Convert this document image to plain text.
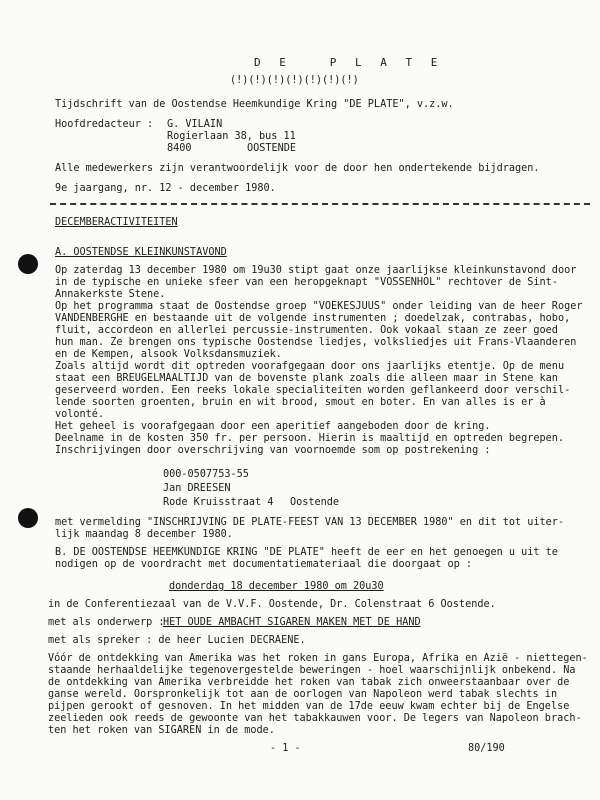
D E   P L A T E
(!)(!)(!)(!)(!)(!)(!)
Tijdschrift van de Oostendse Heemkundige Kring "DE PLATE", v.z.w.
Hoofdredacteur : G. VILAIN
Rogierlaan 38, bus 11
8400	OOSTENDE
Alle medewerkers zijn verantwoordelijk voor de door hen ondertekende bijdragen.
9e jaargang, nr. 12 - december 1980.
DECEMBERACTIVITEITEN
A. OOSTENDSE KLEINKUNSTAVOND
Op zaterdag 13 december 1980 om 19u30 stipt gaat onze jaarlijkse kleinkunstavond door
in de typische en unieke sfeer van een heropgeknapt "VOSSENHOL" rechtover de Sint-
Annakerkste Stene.
Op het programma staat de Oostendse groep "VOEKESJUUS" onder leiding van de heer Roger
VANDENBERGHE en bestaande uit de volgende instrumenten ; doedelzak, contrabas, hobo,
fluit, accordeon en allerlei percussie-instrumenten. Ook vokaal staan ze zeer goed
hun man. Ze brengen ons typische Oostendse liedjes, volksliedjes uit Frans-Vlaanderen
en de Kempen, alsook Volksdansmuziek.
Zoals altijd wordt dit optreden voorafgegaan door ons jaarlijks etentje. Op de menu
staat een BREUGELMAALTIJD van de bovenste plank zoals die alleen maar in Stene kan
geserveerd worden. Een reeks lokale specialiteiten worden geflankeerd door verschil-
lende soorten groenten, bruin en wit brood, smout en boter. En van alles is er à
volonté.
Het geheel is voorafgegaan door een aperitief aangeboden door de kring.
Deelname in de kosten 350 fr. per persoon. Hierin is maaltijd en optreden begrepen.
Inschrijvingen door overschrijving van voornoemde som op postrekening :
000-0507753-55
Jan DREESEN
Rode Kruisstraat 4 Oostende
met vermelding "INSCHRIJVING DE PLATE-FEEST VAN 13 DECEMBER 1980" en dit tot uiter-
lijk maandag 8 december 1980.
B. DE OOSTENDSE HEEMKUNDIGE KRING "DE PLATE" heeft de eer en het genoegen u uit te
nodigen op de voordracht met documentatiemateriaal die doorgaat op :
donderdag 18 december 1980 om 20u30
in de Conferentiezaal van de V.V.F. Oostende, Dr. Colenstraat 6 Oostende.
met als onderwerp :
HET OUDE AMBACHT SIGAREN MAKEN MET DE HAND
met als spreker : de heer Lucien DECRAENE.
Vóór de ontdekking van Amerika was het roken in gans Europa, Afrika en Azië - niettegen-
staande herhaaldelijke tegenovergestelde beweringen - hoel waarschijnlijk onbekend. Na
de ontdekking van Amerika verbreidde het roken van tabak zich onweerstaanbaar over de
ganse wereld. Oorspronkelijk tot aan de oorlogen van Napoleon werd tabak slechts in
pijpen gerookt of gesnoven. In het midden van de 17de eeuw kwam echter bij de Engelse
zeelieden ook reeds de gewoonte van het tabakkauwen voor. De legers van Napoleon brach-
ten het roken van SIGAREN in de mode.
- 1 -	80/190
